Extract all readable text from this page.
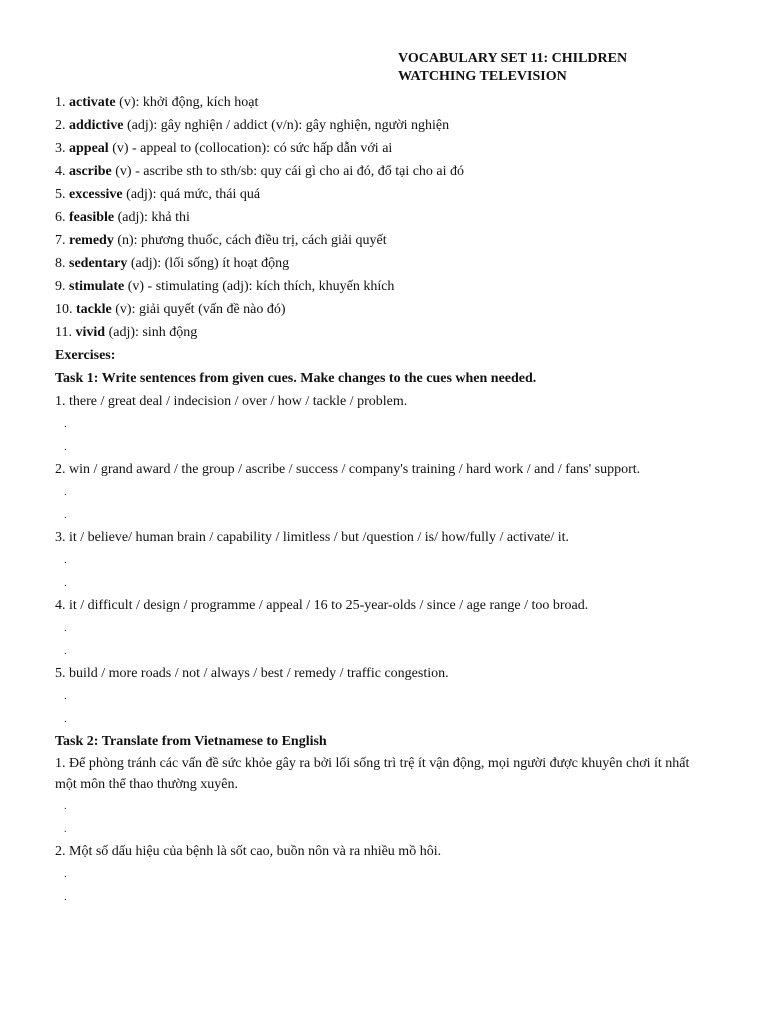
VOCABULARY SET 11: CHILDREN
WATCHING TELEVISION
1. activate (v): khởi động, kích hoạt
2. addictive (adj): gây nghiện / addict (v/n): gây nghiện, người nghiện
3. appeal (v) - appeal to (collocation): có sức hấp dẫn với ai
4. ascribe (v) - ascribe sth to sth/sb: quy cái gì cho ai đó, đổ tại cho ai đó
5. excessive (adj): quá mức, thái quá
6. feasible (adj): khả thi
7. remedy (n): phương thuốc, cách điều trị, cách giải quyết
8. sedentary (adj): (lối sống) ít hoạt động
9. stimulate (v) - stimulating (adj): kích thích, khuyến khích
10. tackle (v): giải quyết (vấn đề nào đó)
11. vivid (adj): sinh động
Exercises:
Task 1: Write sentences from given cues. Make changes to the cues when needed.
1. there / great deal / indecision / over / how / tackle / problem.
.
.
2. win / grand award / the group / ascribe / success / company's training / hard work / and / fans' support.
.
.
3. it / believe/ human brain / capability / limitless / but /question / is/ how/fully / activate/ it.
.
.
4. it / difficult / design / programme / appeal / 16 to 25-year-olds / since / age range / too broad.
.
.
5. build / more roads / not / always / best / remedy / traffic congestion.
.
.
Task 2: Translate from Vietnamese to English
1. Để phòng tránh các vấn đề sức khỏe gây ra bởi lối sống trì trệ ít vận động, mọi người được khuyên chơi ít nhất một môn thể thao thường xuyên.
.
.
2. Một số dấu hiệu của bệnh là sốt cao, buồn nôn và ra nhiều mồ hôi.
.
.
